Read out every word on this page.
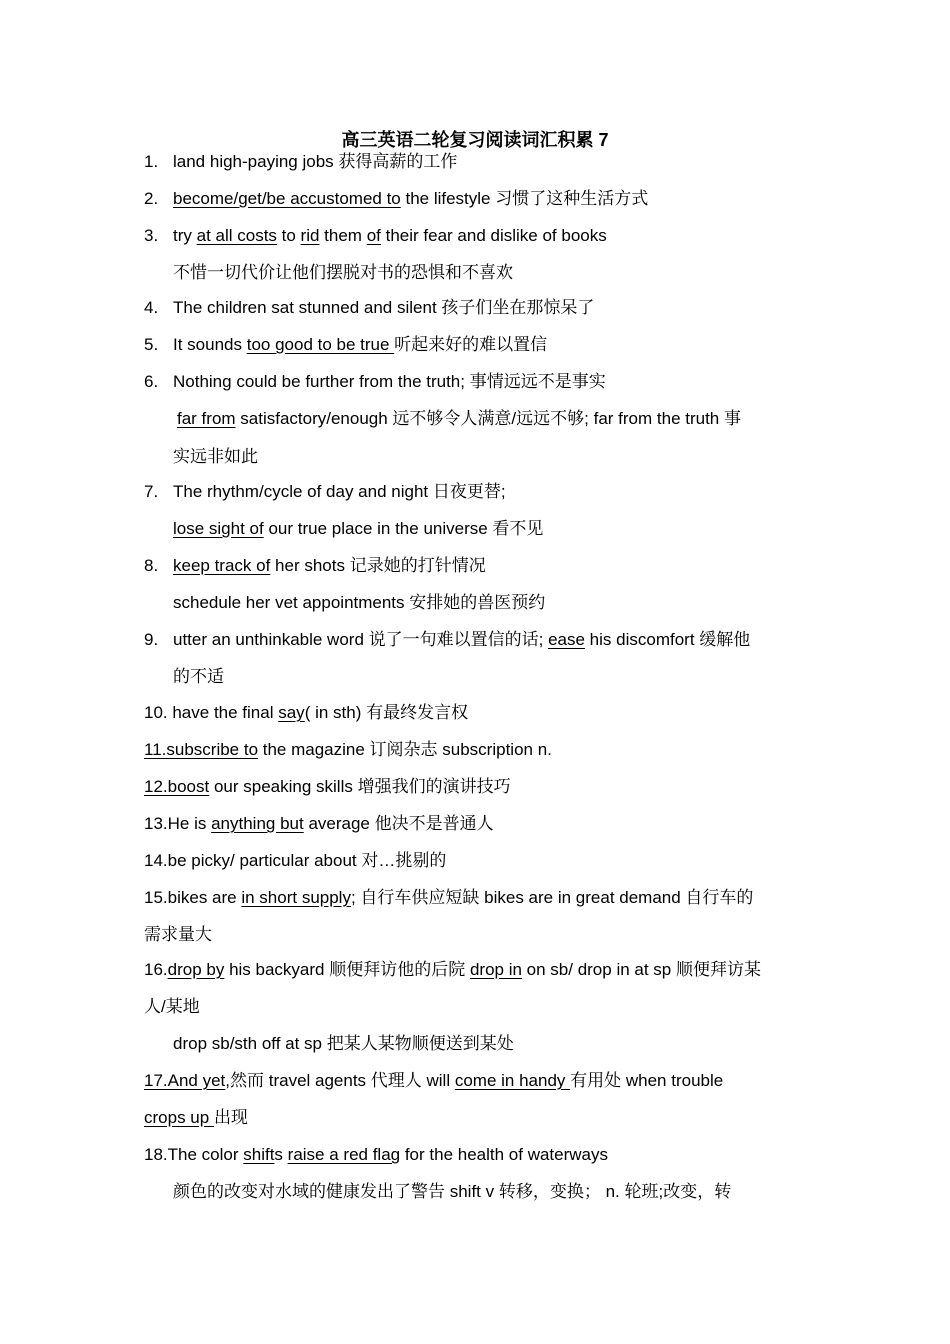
高三英语二轮复习阅读词汇积累 7
1. land high-paying jobs 获得高薪的工作
2. become/get/be accustomed to the lifestyle 习惯了这种生活方式
3. try at all costs to rid them of their fear and dislike of books
不惜一切代价让他们摆脱对书的恐惧和不喜欢
4. The children sat stunned and silent 孩子们坐在那惊呆了
5. It sounds too good to be true 听起来好的难以置信
6. Nothing could be further from the truth; 事情远远不是事实
far from satisfactory/enough 远不够令人满意/远远不够; far from the truth 事
实远非如此
7. The rhythm/cycle of day and night 日夜更替;
lose sight of our true place in the universe 看不见
8. keep track of her shots 记录她的打针情况
schedule her vet appointments 安排她的兽医预约
9. utter an unthinkable word 说了一句难以置信的话; ease his discomfort 缓解他
的不适
10. have the final say( in sth) 有最终发言权
11.subscribe to the magazine 订阅杂志 subscription n.
12.boost our speaking skills 增强我们的演讲技巧
13.He is anything but average 他决不是普通人
14.be picky/ particular about 对…挑剔的
15.bikes are in short supply; 自行车供应短缺 bikes are in great demand 自行车的
需求量大
16.drop by his backyard 顺便拜访他的后院 drop in on sb/ drop in at sp 顺便拜访某
人/某地
drop sb/sth off at sp 把某人某物顺便送到某处
17.And yet,然而 travel agents 代理人 will come in handy 有用处 when trouble
crops up 出现
18.The color shifts raise a red flag for the health of waterways
颜色的改变对水域的健康发出了警告 shift v 转移，变换； n. 轮班;改变，转
